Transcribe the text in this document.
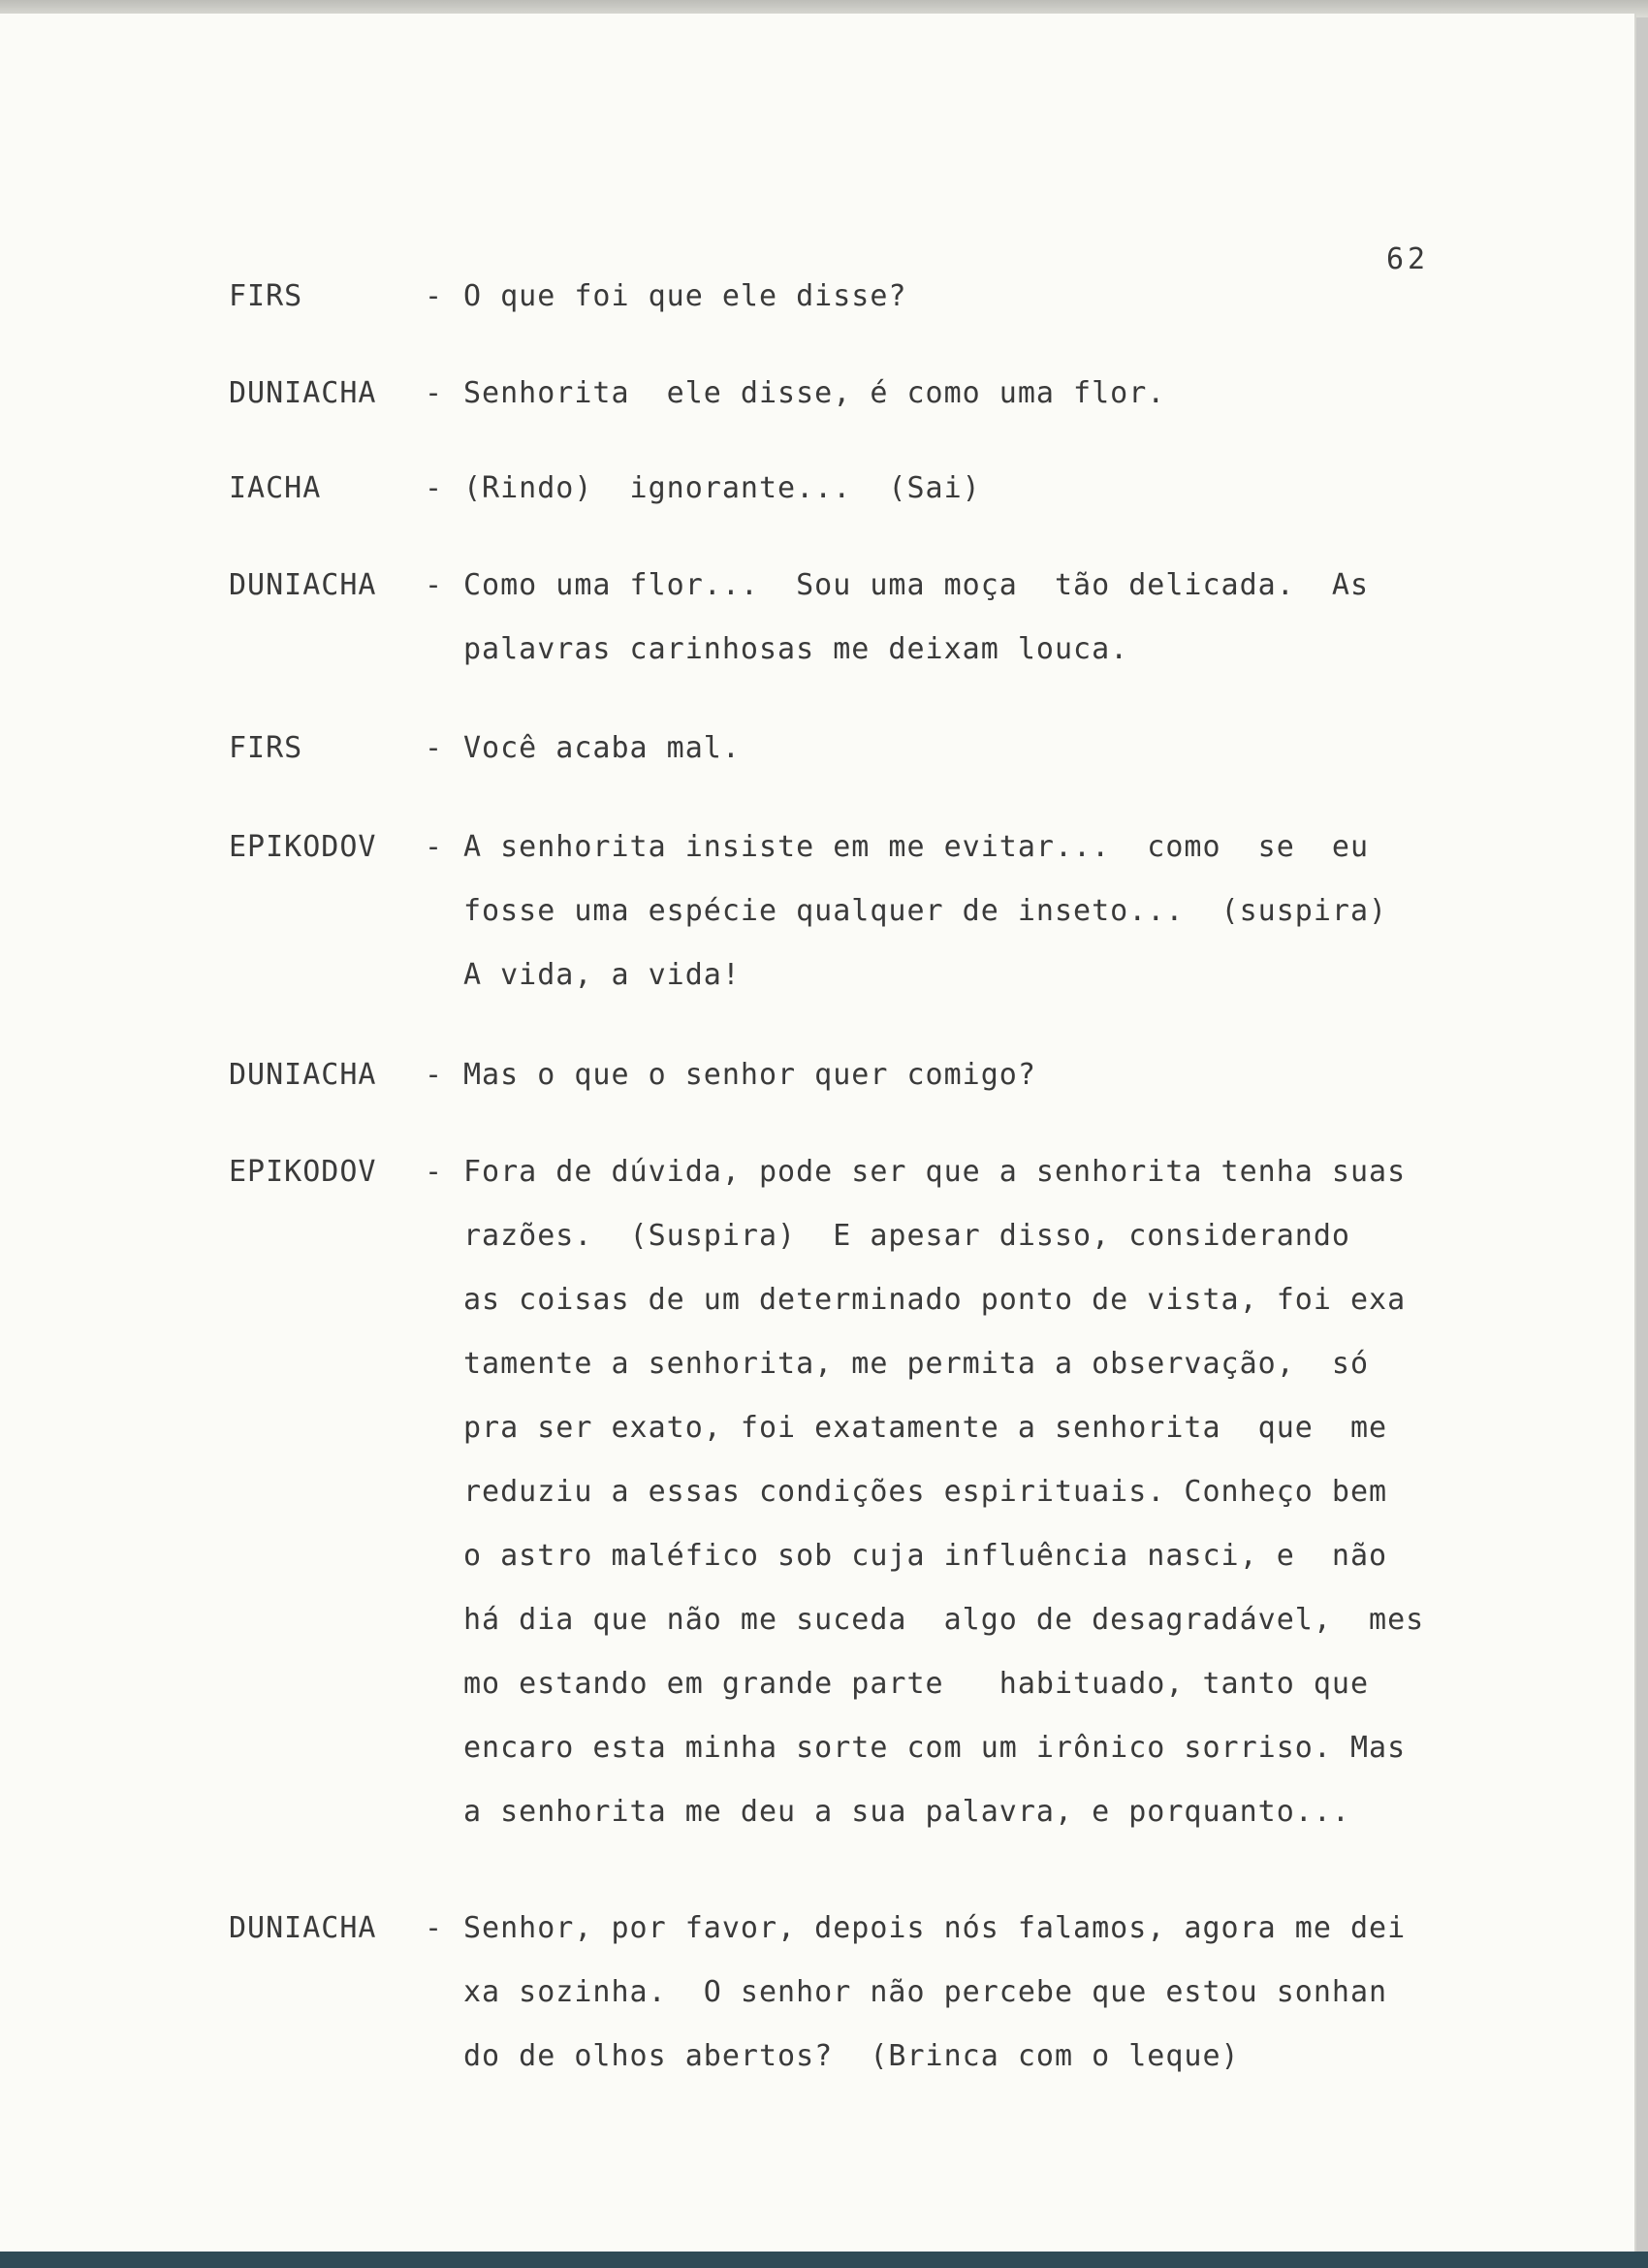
62
FIRS	- O que foi que ele disse?
DUNIACHA - Senhorita  ele disse, é como uma flor.
IACHA	- (Rindo)  ignorante...  (Sai)
DUNIACHA - Como uma flor...  Sou uma moça  tão delicada.  As
palavras carinhosas me deixam louca.
FIRS	- Você acaba mal.
EPIKODOV - A senhorita insiste em me evitar...  como  se  eu
fosse uma espécie qualquer de inseto...  (suspira)
A vida, a vida!
DUNIACHA - Mas o que o senhor quer comigo?
EPIKODOV - Fora de dúvida, pode ser que a senhorita tenha suas
razões.  (Suspira)  E apesar disso, considerando
as coisas de um determinado ponto de vista, foi exa
tamente a senhorita, me permita a observação,  só
pra ser exato, foi exatamente a senhorita  que  me
reduziu a essas condições espirituais. Conheço bem
o astro maléfico sob cuja influência nasci, e  não
há dia que não me suceda  algo de desagradável,  mes
mo estando em grande parte   habituado, tanto que
encaro esta minha sorte com um irônico sorriso. Mas
a senhorita me deu a sua palavra, e porquanto...
DUNIACHA - Senhor, por favor, depois nós falamos, agora me dei
xa sozinha.  O senhor não percebe que estou sonhan
do de olhos abertos?  (Brinca com o leque)
